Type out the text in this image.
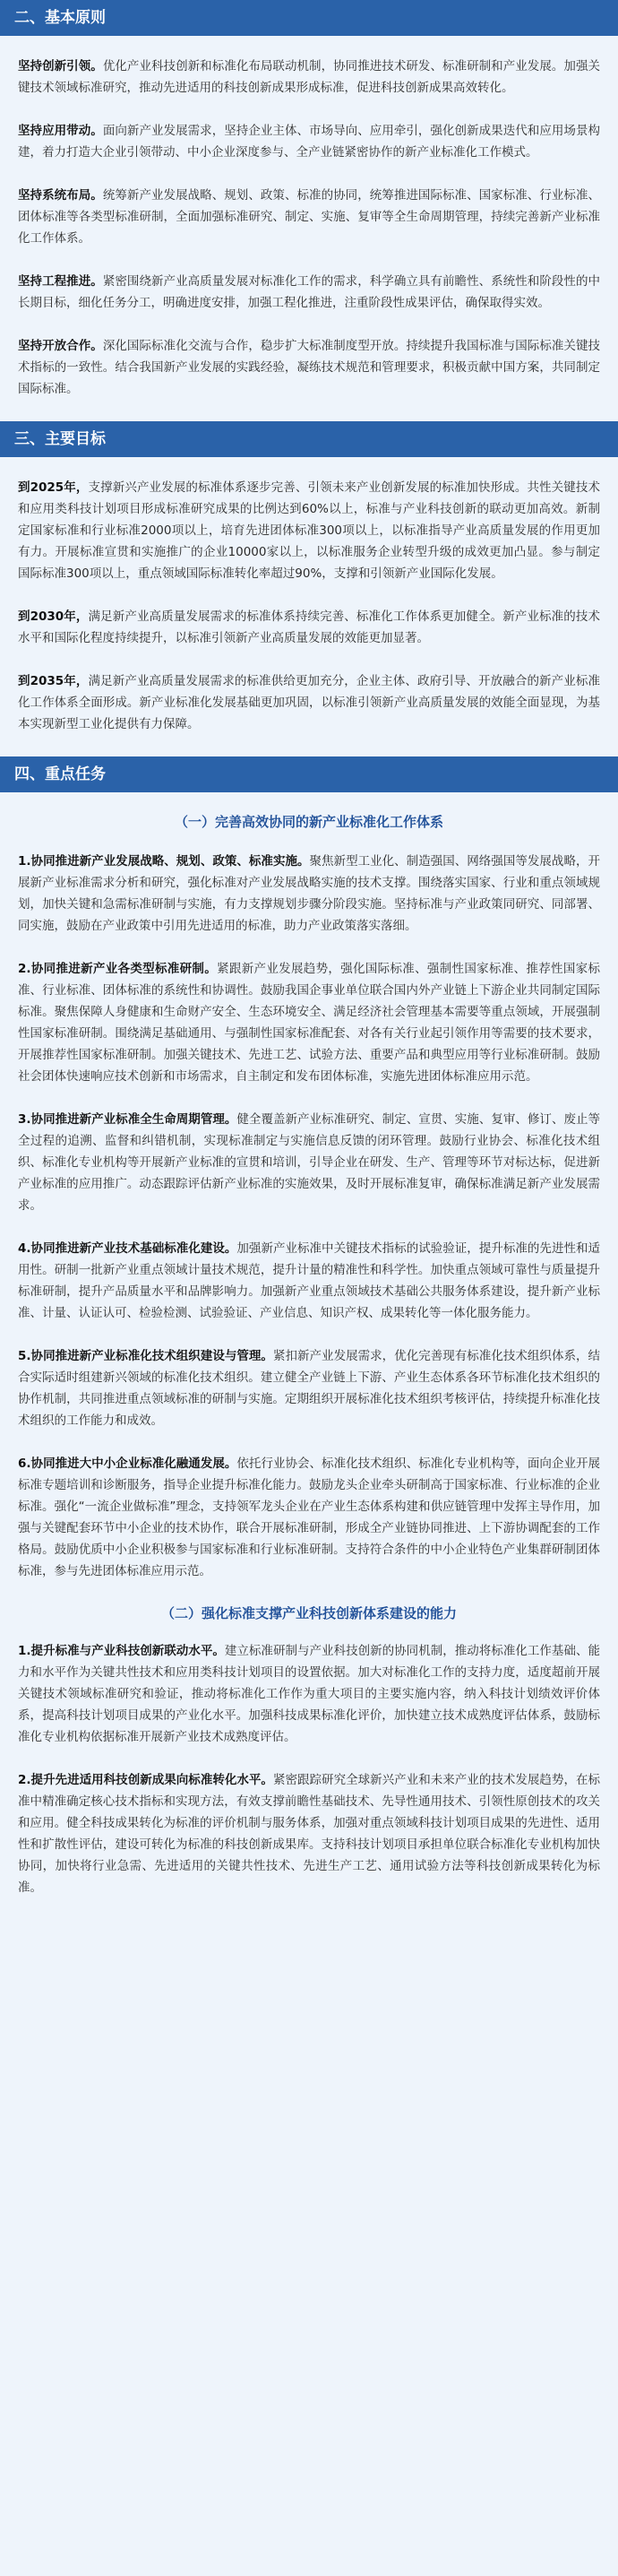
二、基本原则

坚持创新引领。优化产业科技创新和标准化布局联动机制，协同推进技术研发、标准研制和产业发展。加强关键技术领域标准研究，推动先进适用的科技创新成果形成标准，促进科技创新成果高效转化。

坚持应用带动。面向新产业发展需求，坚持企业主体、市场导向、应用牵引，强化创新成果迭代和应用场景构建，着力打造大企业引领带动、中小企业深度参与、全产业链紧密协作的新产业标准化工作模式。

坚持系统布局。统筹新产业发展战略、规划、政策、标准的协同，统筹推进国际标准、国家标准、行业标准、团体标准等各类型标准研制，全面加强标准研究、制定、实施、复审等全生命周期管理，持续完善新产业标准化工作体系。

坚持工程推进。紧密围绕新产业高质量发展对标准化工作的需求，科学确立具有前瞻性、系统性和阶段性的中长期目标，细化任务分工，明确进度安排，加强工程化推进，注重阶段性成果评估，确保取得实效。

坚持开放合作。深化国际标准化交流与合作，稳步扩大标准制度型开放。持续提升我国标准与国际标准关键技术指标的一致性。结合我国新产业发展的实践经验，凝练技术规范和管理要求，积极贡献中国方案，共同制定国际标准。

三、主要目标

到2025年，支撑新兴产业发展的标准体系逐步完善、引领未来产业创新发展的标准加快形成。共性关键技术和应用类科技计划项目形成标准研究成果的比例达到60%以上，标准与产业科技创新的联动更加高效。新制定国家标准和行业标准2000项以上，培育先进团体标准300项以上，以标准指导产业高质量发展的作用更加有力。开展标准宣贯和实施推广的企业10000家以上，以标准服务企业转型升级的成效更加凸显。参与制定国际标准300项以上，重点领域国际标准转化率超过90%，支撑和引领新产业国际化发展。

到2030年，满足新产业高质量发展需求的标准体系持续完善、标准化工作体系更加健全。新产业标准的技术水平和国际化程度持续提升，以标准引领新产业高质量发展的效能更加显著。

到2035年，满足新产业高质量发展需求的标准供给更加充分，企业主体、政府引导、开放融合的新产业标准化工作体系全面形成。新产业标准化发展基础更加巩固，以标准引领新产业高质量发展的效能全面显现，为基本实现新型工业化提供有力保障。

四、重点任务
（一）完善高效协同的新产业标准化工作体系

1.协同推进新产业发展战略、规划、政策、标准实施。聚焦新型工业化、制造强国、网络强国等发展战略，开展新产业标准需求分析和研究，强化标准对产业发展战略实施的技术支撑。围绕落实国家、行业和重点领域规划，加快关键和急需标准研制与实施，有力支撑规划步骤分阶段实施。坚持标准与产业政策同研究、同部署、同实施，鼓励在产业政策中引用先进适用的标准，助力产业政策落实落细。

2.协同推进新产业各类型标准研制。紧跟新产业发展趋势，强化国际标准、强制性国家标准、推荐性国家标准、行业标准、团体标准的系统性和协调性。鼓励我国企事业单位联合国内外产业链上下游企业共同制定国际标准。聚焦保障人身健康和生命财产安全、生态环境安全、满足经济社会管理基本需要等重点领域，开展强制性国家标准研制。围绕满足基础通用、与强制性国家标准配套、对各有关行业起引领作用等需要的技术要求，开展推荐性国家标准研制。加强关键技术、先进工艺、试验方法、重要产品和典型应用等行业标准研制。鼓励社会团体快速响应技术创新和市场需求，自主制定和发布团体标准，实施先进团体标准应用示范。

3.协同推进新产业标准全生命周期管理。健全覆盖新产业标准研究、制定、宣贯、实施、复审、修订、废止等全过程的追溯、监督和纠错机制，实现标准制定与实施信息反馈的闭环管理。鼓励行业协会、标准化技术组织、标准化专业机构等开展新产业标准的宣贯和培训，引导企业在研发、生产、管理等环节对标达标，促进新产业标准的应用推广。动态跟踪评估新产业标准的实施效果，及时开展标准复审，确保标准满足新产业发展需求。

4.协同推进新产业技术基础标准化建设。加强新产业标准中关键技术指标的试验验证，提升标准的先进性和适用性。研制一批新产业重点领域计量技术规范，提升计量的精准性和科学性。加快重点领域可靠性与质量提升标准研制，提升产品质量水平和品牌影响力。加强新产业重点领域技术基础公共服务体系建设，提升新产业标准、计量、认证认可、检验检测、试验验证、产业信息、知识产权、成果转化等一体化服务能力。

5.协同推进新产业标准化技术组织建设与管理。紧扣新产业发展需求，优化完善现有标准化技术组织体系，结合实际适时组建新兴领域的标准化技术组织。建立健全产业链上下游、产业生态体系各环节标准化技术组织的协作机制，共同推进重点领域标准的研制与实施。定期组织开展标准化技术组织考核评估，持续提升标准化技术组织的工作能力和成效。

6.协同推进大中小企业标准化融通发展。依托行业协会、标准化技术组织、标准化专业机构等，面向企业开展标准专题培训和诊断服务，指导企业提升标准化能力。鼓励龙头企业牵头研制高于国家标准、行业标准的企业标准。强化“一流企业做标准”理念，支持领军龙头企业在产业生态体系构建和供应链管理中发挥主导作用，加强与关键配套环节中小企业的技术协作，联合开展标准研制，形成全产业链协同推进、上下游协调配套的工作格局。鼓励优质中小企业积极参与国家标准和行业标准研制。支持符合条件的中小企业特色产业集群研制团体标准，参与先进团体标准应用示范。

（二）强化标准支撑产业科技创新体系建设的能力

1.提升标准与产业科技创新联动水平。建立标准研制与产业科技创新的协同机制，推动将标准化工作基础、能力和水平作为关键共性技术和应用类科技计划项目的设置依据。加大对标准化工作的支持力度，适度超前开展关键技术领域标准研究和验证，推动将标准化工作作为重大项目的主要实施内容，纳入科技计划绩效评价体系，提高科技计划项目成果的产业化水平。加强科技成果标准化评价，加快建立技术成熟度评估体系，鼓励标准化专业机构依据标准开展新产业技术成熟度评估。

2.提升先进适用科技创新成果向标准转化水平。紧密跟踪研究全球新兴产业和未来产业的技术发展趋势，在标准中精准确定核心技术指标和实现方法，有效支撑前瞻性基础技术、先导性通用技术、引领性原创技术的攻关和应用。健全科技成果转化为标准的评价机制与服务体系，加强对重点领域科技计划项目成果的先进性、适用性和扩散性评估，建设可转化为标准的科技创新成果库。支持科技计划项目承担单位联合标准化专业机构加快协同，加快将行业急需、先进适用的关键共性技术、先进生产工艺、通用试验方法等科技创新成果转化为标准。
